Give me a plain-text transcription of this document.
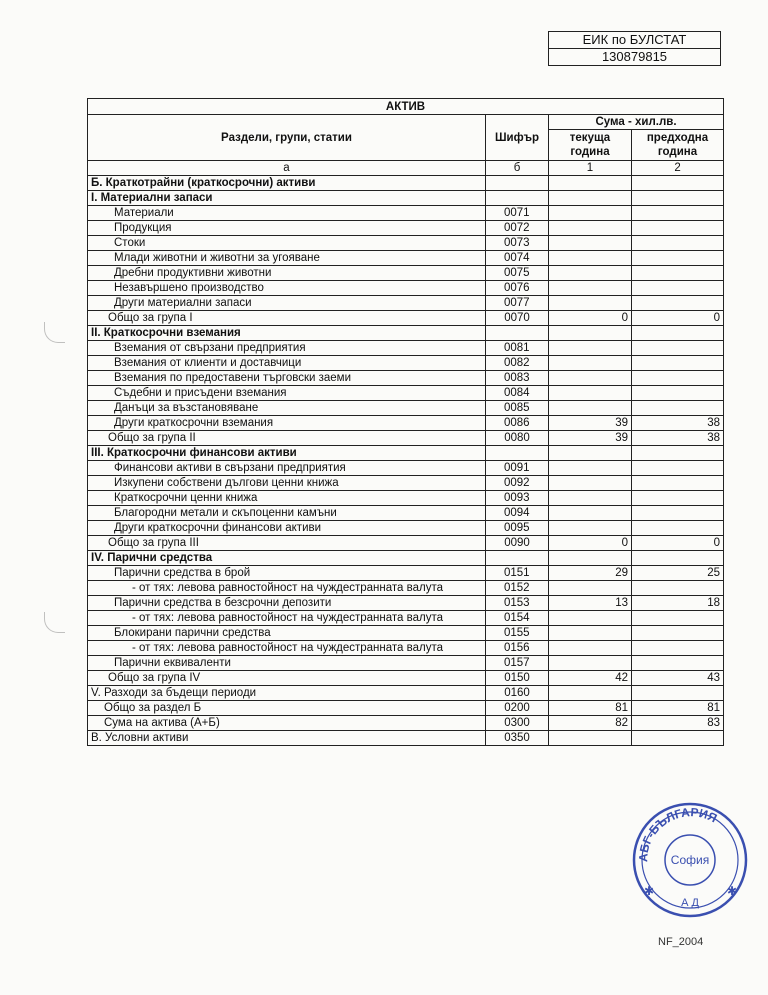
ЕИК по БУЛСТАТ
130879815
АКТИВ			
Раздели, групи, статии	Шифър	Сума - хил.лв.	
		текуща година	предходна година
а	б	1	2
Б. Краткотрайни (краткосрочни) активи			
I. Материални запаси			
Материали	0071		
Продукция	0072		
Стоки	0073		
Млади животни и животни за угояване	0074		
Дребни продуктивни животни	0075		
Незавършено производство	0076		
Други материални запаси	0077		
Общо за група I	0070	0	0
II. Краткосрочни вземания			
Вземания от свързани предприятия	0081		
Вземания от клиенти и доставчици	0082		
Вземания по предоставени търговски заеми	0083		
Съдебни и присъдени вземания	0084		
Данъци за възстановяване	0085		
Други краткосрочни вземания	0086	39	38
Общо за група II	0080	39	38
III. Краткосрочни финансови активи			
Финансови активи в свързани предприятия	0091		
Изкупени собствени дългови ценни книжа	0092		
Краткосрочни ценни книжа	0093		
Благородни метали и скъпоценни камъни	0094		
Други краткосрочни финансови активи	0095		
Общо за група III	0090	0	0
IV. Парични средства			
Парични средства в брой	0151	29	25
- от тях: левова равностойност на чуждестранната валута	0152		
Парични средства в безсрочни депозити	0153	13	18
- от тях: левова равностойност на чуждестранната валута	0154		
Блокирани парични средства	0155		
- от тях: левова равностойност на чуждестранната валута	0156		
Парични еквиваленти	0157		
Общо за група IV	0150	42	43
V. Разходи за бъдещи периоди	0160		
Общо за раздел Б	0200	81	81
Сума на актива (А+Б)	0300	82	83
В. Условни активи	0350		
АБГ-БЪЛГАРИЯ
София
А Д
✱	✱
NF_2004
